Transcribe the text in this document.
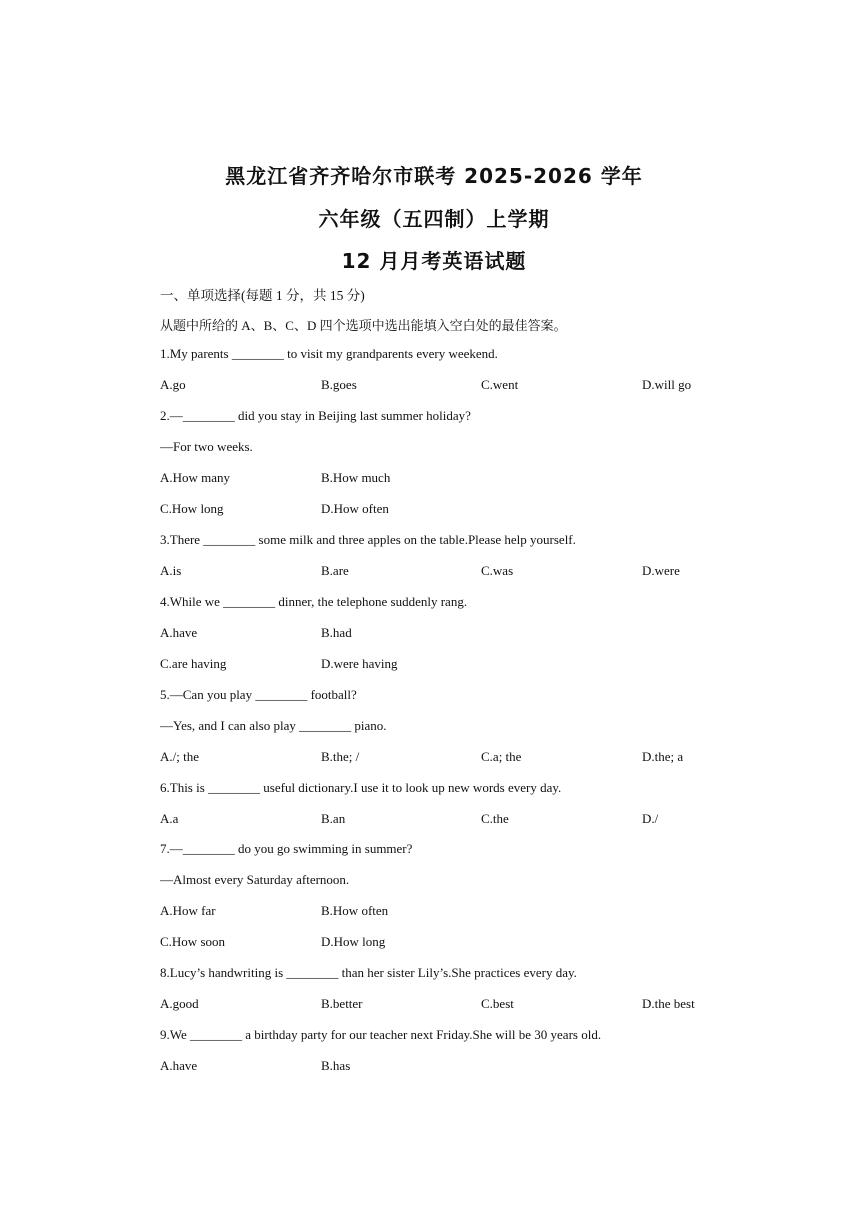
黑龙江省齐齐哈尔市联考 2025-2026 学年
六年级（五四制）上学期
12 月月考英语试题
一、单项选择(每题 1 分，共 15 分)
从题中所给的 A、B、C、D 四个选项中选出能填入空白处的最佳答案。
1.My parents ________ to visit my grandparents every weekend.
A.go	B.goes	C.went	D.will go
2.—________ did you stay in Beijing last summer holiday?
—For two weeks.
A.How many	B.How much
C.How long	D.How often
3.There ________ some milk and three apples on the table.Please help yourself.
A.is	B.are	C.was	D.were
4.While we ________ dinner, the telephone suddenly rang.
A.have	B.had
C.are having	D.were having
5.—Can you play ________ football?
—Yes, and I can also play ________ piano.
A./; the	B.the; /	C.a; the	D.the; a
6.This is ________ useful dictionary.I use it to look up new words every day.
A.a	B.an	C.the	D./
7.—________ do you go swimming in summer?
—Almost every Saturday afternoon.
A.How far	B.How often
C.How soon	D.How long
8.Lucy’s handwriting is ________ than her sister Lily’s.She practices every day.
A.good	B.better	C.best	D.the best
9.We ________ a birthday party for our teacher next Friday.She will be 30 years old.
A.have	B.has
